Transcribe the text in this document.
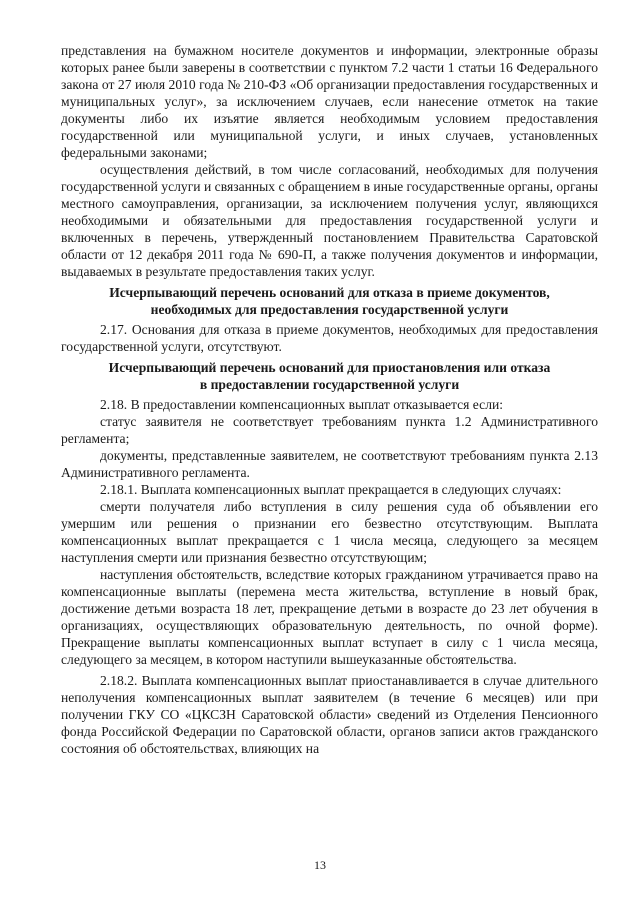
представления на бумажном носителе документов и информации, электронные образы которых ранее были заверены в соответствии с пунктом 7.2 части 1 статьи 16 Федерального закона от 27 июля 2010 года № 210-ФЗ «Об организации предоставления государственных и муниципальных услуг», за исключением случаев, если нанесение отметок на такие документы либо их изъятие является необходимым условием предоставления государственной или муниципальной услуги, и иных случаев, установленных федеральными законами;

осуществления действий, в том числе согласований, необходимых для получения государственной услуги и связанных с обращением в иные государственные органы, органы местного самоуправления, организации, за исключением получения услуг, являющихся необходимыми и обязательными для предоставления государственной услуги и включенных в перечень, утвержденный постановлением Правительства Саратовской области от 12 декабря 2011 года № 690-П, а также получения документов и информации, выдаваемых в результате предоставления таких услуг.

Исчерпывающий перечень оснований для отказа в приеме документов,
необходимых для предоставления государственной услуги

2.17. Основания для отказа в приеме документов, необходимых для предоставления государственной услуги, отсутствуют.

Исчерпывающий перечень оснований для приостановления или отказа
в предоставлении государственной услуги

2.18. В предоставлении компенсационных выплат отказывается если:

статус заявителя не соответствует требованиям пункта 1.2 Административного регламента;

документы, представленные заявителем, не соответствуют требованиям пункта 2.13 Административного регламента.

2.18.1. Выплата компенсационных выплат прекращается в следующих случаях:

смерти получателя либо вступления в силу решения суда об объявлении его умершим или решения о признании его безвестно отсутствующим. Выплата компенсационных выплат прекращается с 1 числа месяца, следующего за месяцем наступления смерти или признания безвестно отсутствующим;

наступления обстоятельств, вследствие которых гражданином утрачивается право на компенсационные выплаты (перемена места жительства, вступление в новый брак, достижение детьми возраста 18 лет, прекращение детьми в возрасте до 23 лет обучения в организациях, осуществляющих образовательную деятельность, по очной форме). Прекращение выплаты компенсационных выплат вступает в силу с 1 числа месяца, следующего за месяцем, в котором наступили вышеуказанные обстоятельства.

2.18.2. Выплата компенсационных выплат приостанавливается в случае длительного неполучения компенсационных выплат заявителем (в течение 6 месяцев) или при получении ГКУ СО «ЦКСЗН Саратовской области» сведений из Отделения Пенсионного фонда Российской Федерации по Саратовской области, органов записи актов гражданского состояния об обстоятельствах, влияющих на

13
